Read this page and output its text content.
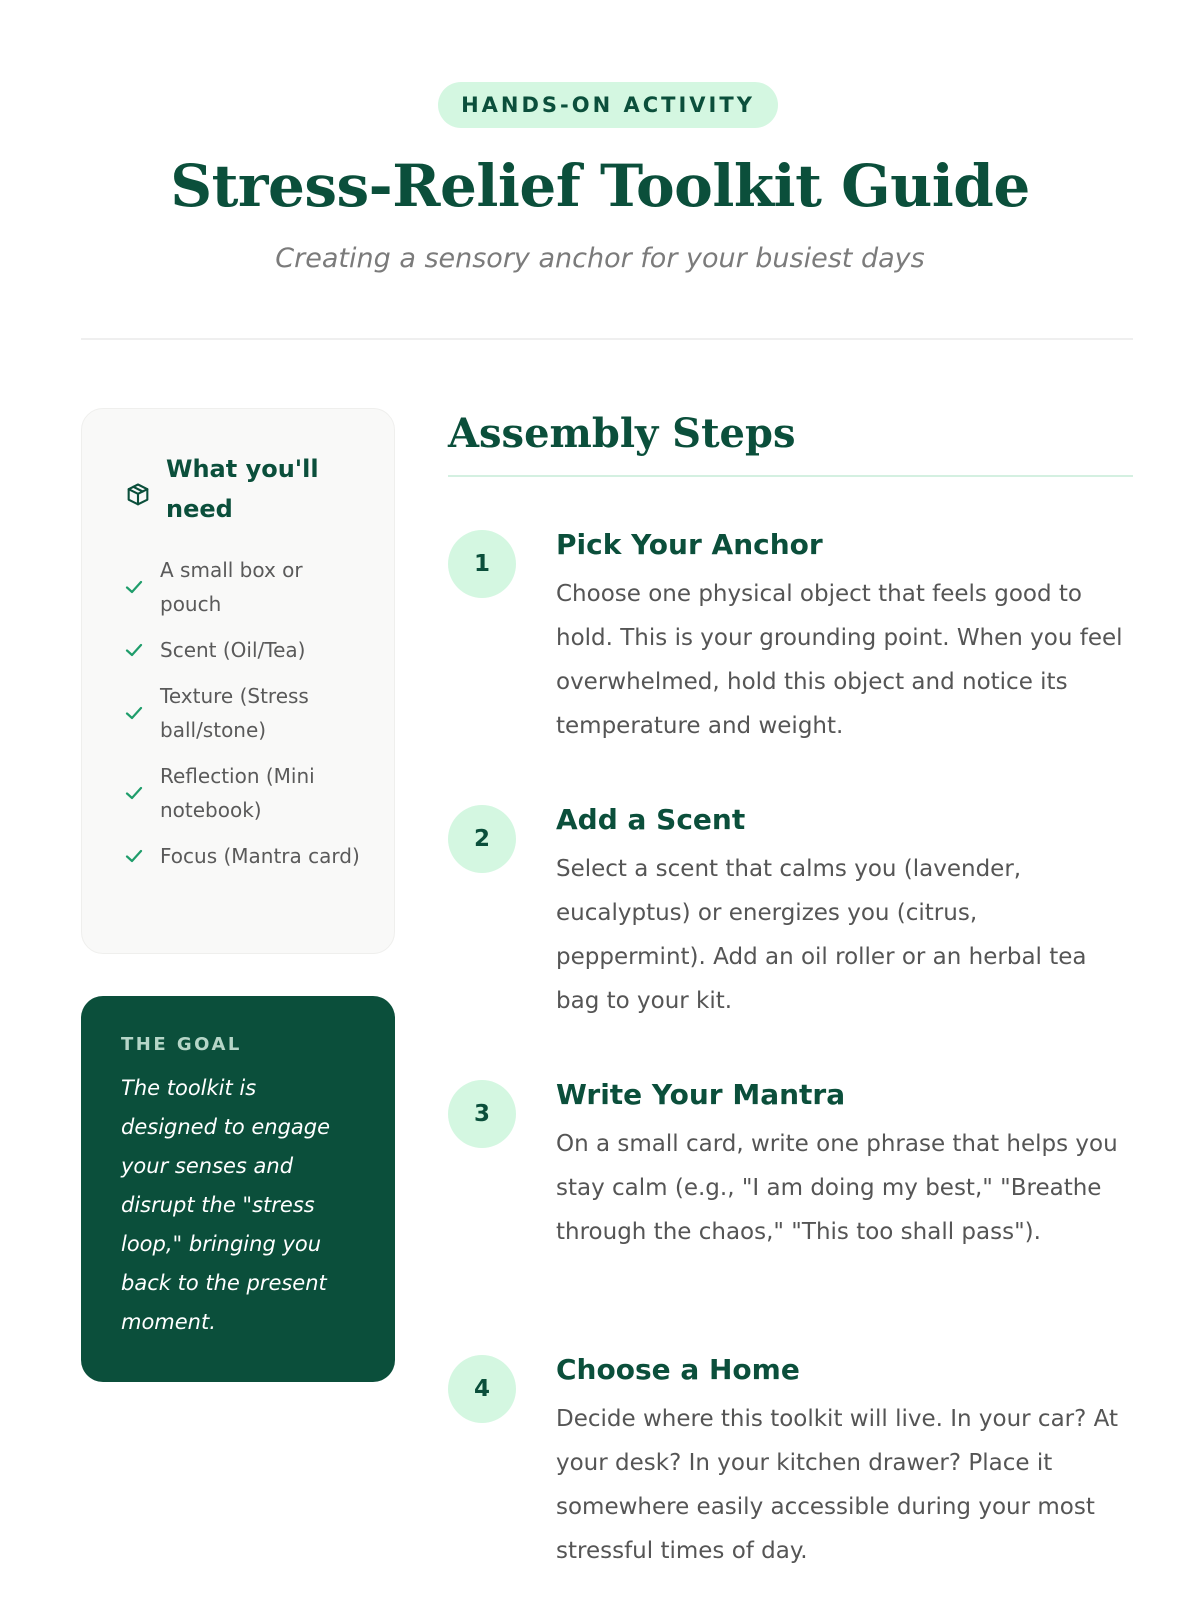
HANDS-ON ACTIVITY
Stress-Relief Toolkit Guide
Creating a sensory anchor for your busiest days
What you'll need
A small box or pouch
Scent (Oil/Tea)
Texture (Stress ball/stone)
Reflection (Mini notebook)
Focus (Mantra card)
THE GOAL
The toolkit is designed to engage your senses and disrupt the "stress loop," bringing you back to the present moment.
Assembly Steps
1
Pick Your Anchor
Choose one physical object that feels good to hold. This is your grounding point. When you feel overwhelmed, hold this object and notice its temperature and weight.
2
Add a Scent
Select a scent that calms you (lavender, eucalyptus) or energizes you (citrus, peppermint). Add an oil roller or an herbal tea bag to your kit.
3
Write Your Mantra
On a small card, write one phrase that helps you stay calm (e.g., "I am doing my best," "Breathe through the chaos," "This too shall pass").
4
Choose a Home
Decide where this toolkit will live. In your car? At your desk? In your kitchen drawer? Place it somewhere easily accessible during your most stressful times of day.
